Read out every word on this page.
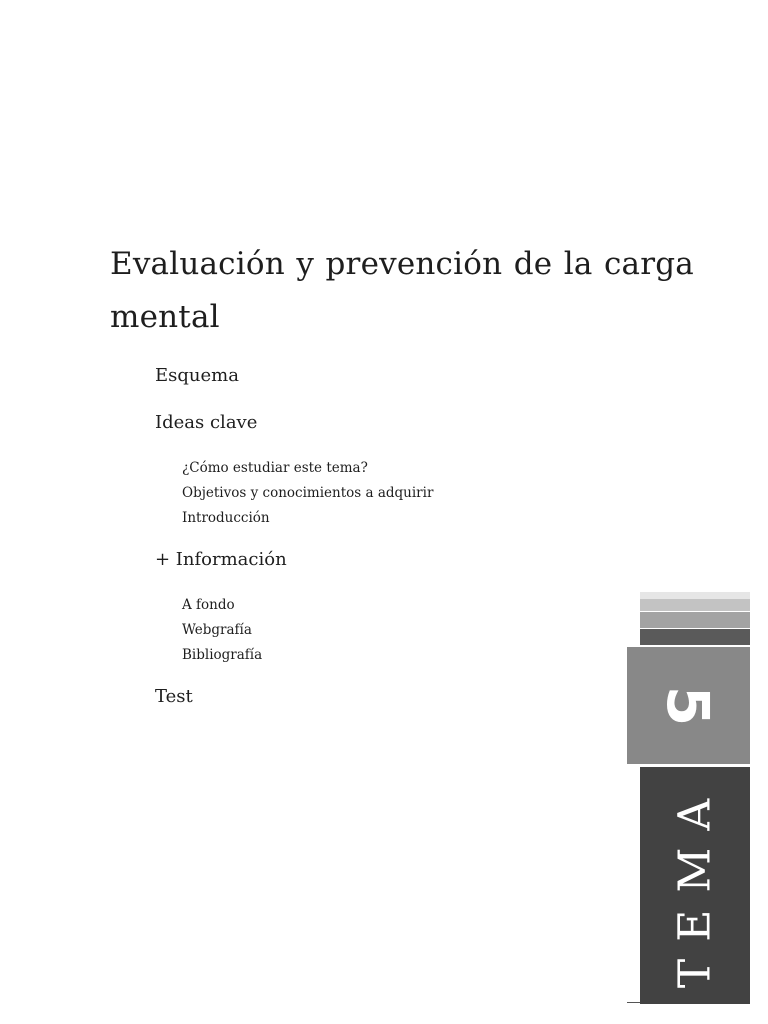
Evaluación y prevención de la carga mental
Esquema
Ideas clave
¿Cómo estudiar este tema?
Objetivos y conocimientos a adquirir
Introducción
+ Información
A fondo
Webgrafía
Bibliografía
Test	5
TEMA
